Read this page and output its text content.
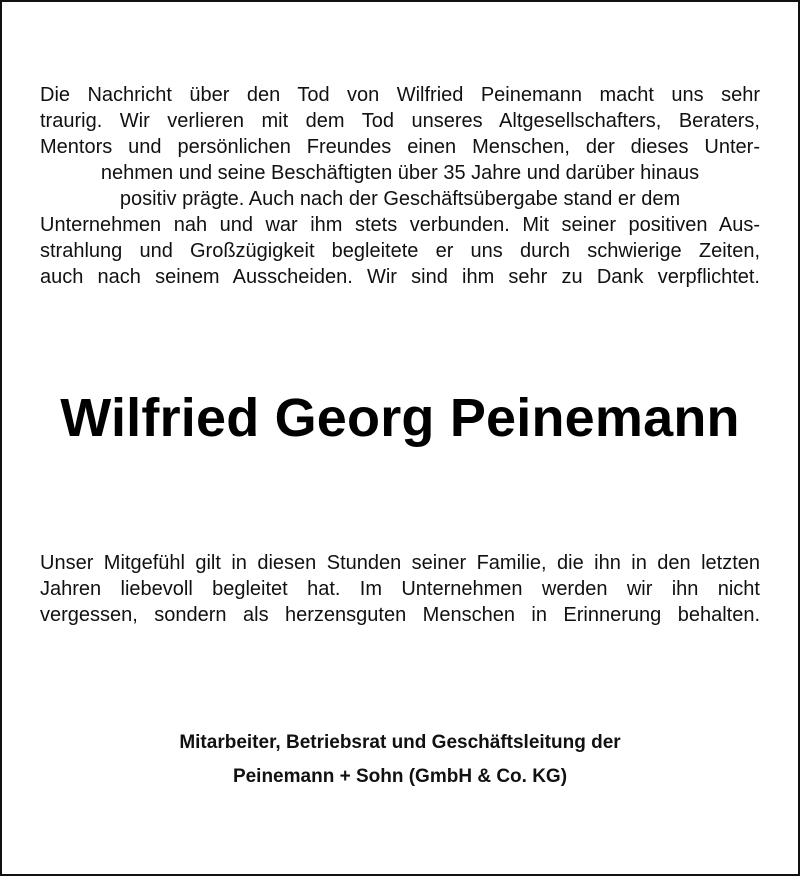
Die Nachricht über den Tod von Wilfried Peinemann macht uns sehr
traurig. Wir verlieren mit dem Tod unseres Altgesellschafters, Beraters,
Mentors und persönlichen Freundes einen Menschen, der dieses Unter-
nehmen und seine Beschäftigten über 35 Jahre und darüber hinaus
positiv prägte. Auch nach der Geschäftsübergabe stand er dem
Unternehmen nah und war ihm stets verbunden. Mit seiner positiven Aus-
strahlung und Großzügigkeit begleitete er uns durch schwierige Zeiten,
auch nach seinem Ausscheiden. Wir sind ihm sehr zu Dank verpflichtet.
Wilfried Georg Peinemann
Unser Mitgefühl gilt in diesen Stunden seiner Familie, die ihn in den letzten
Jahren liebevoll begleitet hat. Im Unternehmen werden wir ihn nicht
vergessen, sondern als herzensguten Menschen in Erinnerung behalten.
Mitarbeiter, Betriebsrat und Geschäftsleitung der
Peinemann + Sohn (GmbH & Co. KG)
